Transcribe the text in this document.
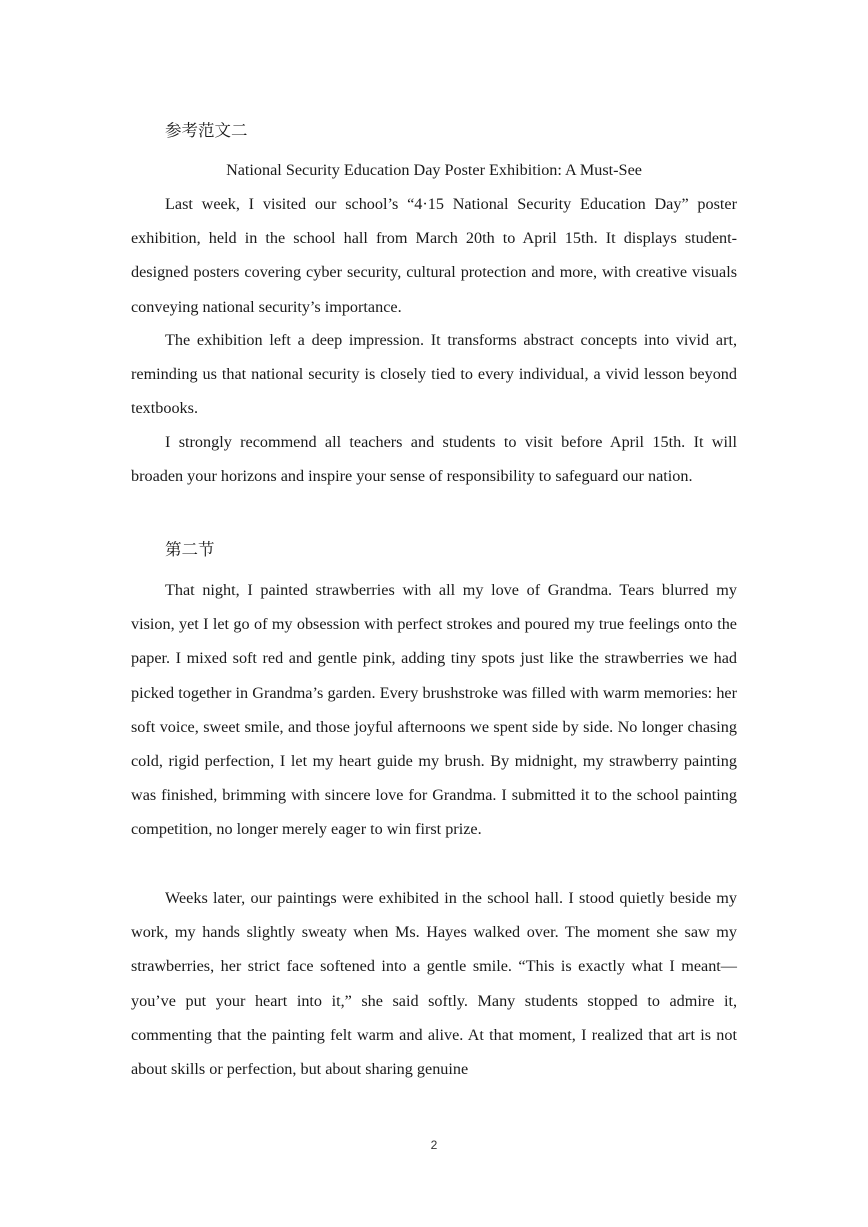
参考范文二
National Security Education Day Poster Exhibition: A Must-See
Last week, I visited our school’s “4·15 National Security Education Day” poster exhibition, held in the school hall from March 20th to April 15th. It displays student-designed posters covering cyber security, cultural protection and more, with creative visuals conveying national security’s importance.
The exhibition left a deep impression. It transforms abstract concepts into vivid art, reminding us that national security is closely tied to every individual, a vivid lesson beyond textbooks.
I strongly recommend all teachers and students to visit before April 15th. It will broaden your horizons and inspire your sense of responsibility to safeguard our nation.
第二节
That night, I painted strawberries with all my love of Grandma. Tears blurred my vision, yet I let go of my obsession with perfect strokes and poured my true feelings onto the paper. I mixed soft red and gentle pink, adding tiny spots just like the strawberries we had picked together in Grandma’s garden. Every brushstroke was filled with warm memories: her soft voice, sweet smile, and those joyful afternoons we spent side by side. No longer chasing cold, rigid perfection, I let my heart guide my brush. By midnight, my strawberry painting was finished, brimming with sincere love for Grandma. I submitted it to the school painting competition, no longer merely eager to win first prize.
Weeks later, our paintings were exhibited in the school hall. I stood quietly beside my work, my hands slightly sweaty when Ms. Hayes walked over. The moment she saw my strawberries, her strict face softened into a gentle smile. “This is exactly what I meant—you’ve put your heart into it,” she said softly. Many students stopped to admire it, commenting that the painting felt warm and alive. At that moment, I realized that art is not about skills or perfection, but about sharing genuine
2
